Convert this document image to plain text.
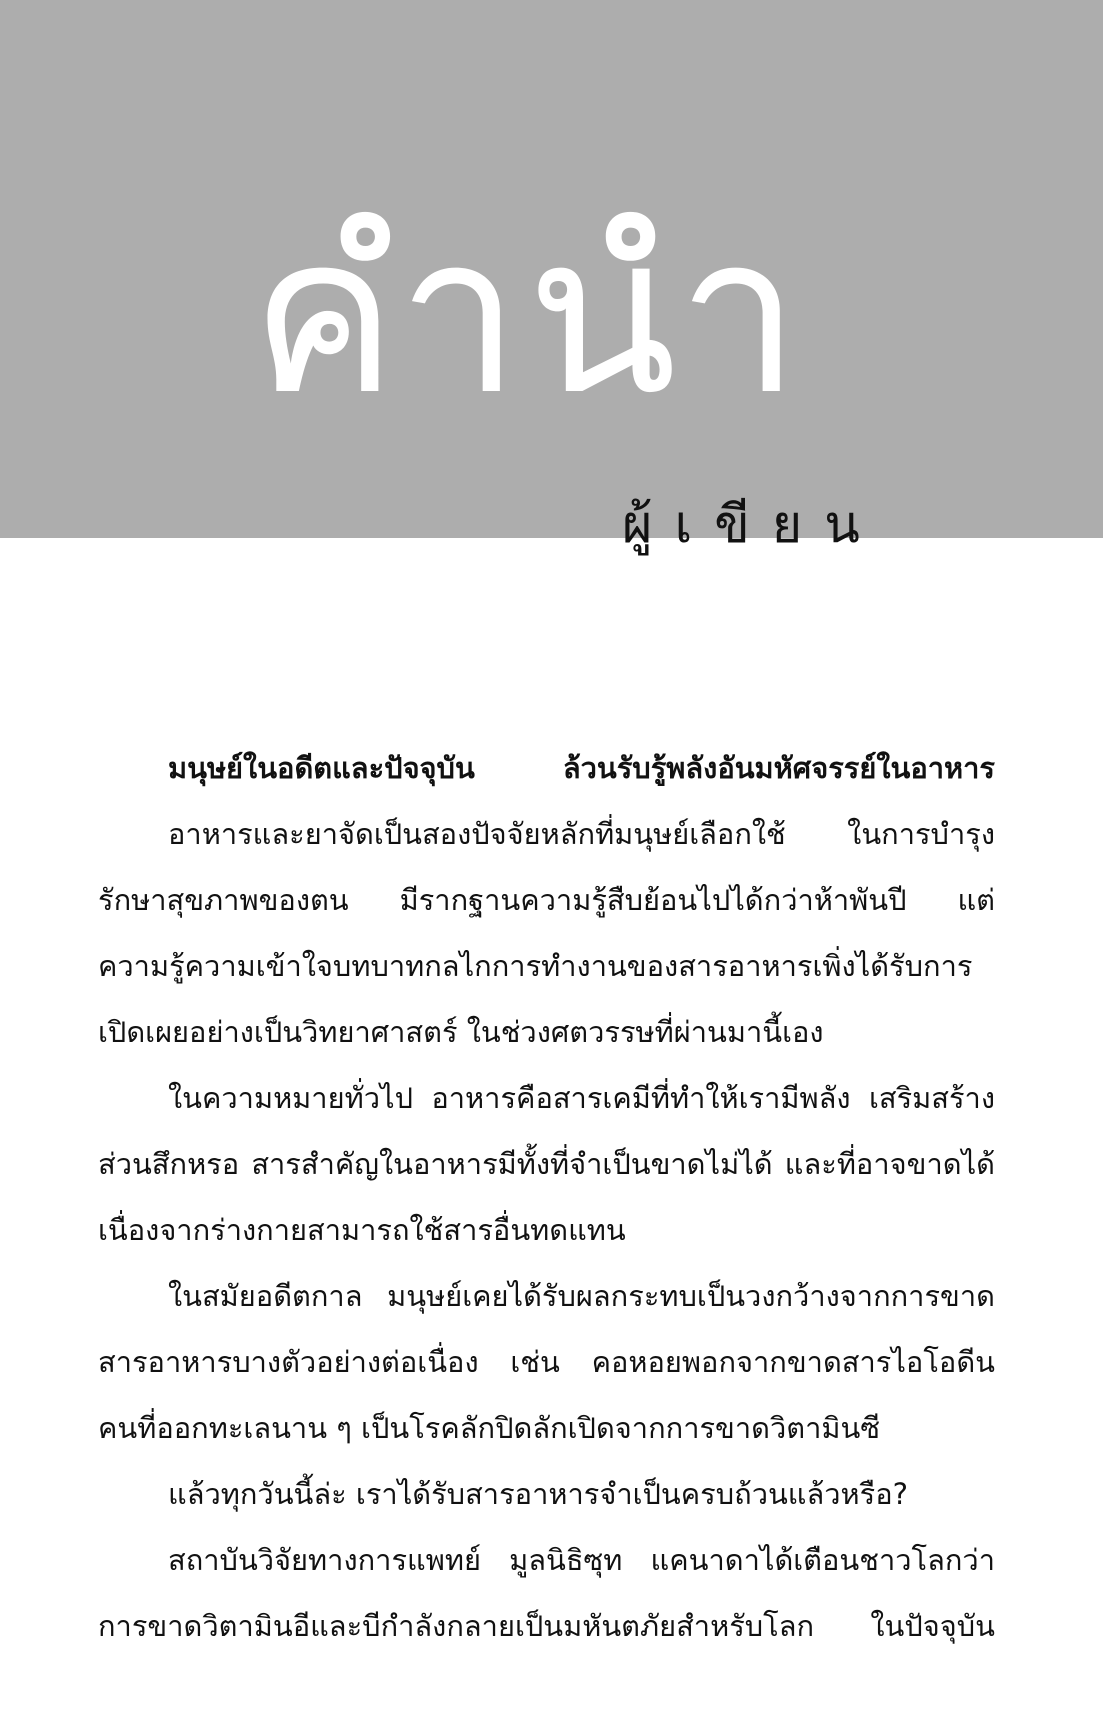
คำนำ
ผู้เขียน
มนุษย์ในอดีตและปัจจุบัน ล้วนรับรู้พลังอันมหัศจรรย์ในอาหาร
อาหารและยาจัดเป็นสองปัจจัยหลักที่มนุษย์เลือกใช้ ในการบำรุง
รักษาสุขภาพของตน มีรากฐานความรู้สืบย้อนไปได้กว่าห้าพันปี แต่
ความรู้ความเข้าใจบทบาทกลไกการทำงานของสารอาหารเพิ่งได้รับการ
เปิดเผยอย่างเป็นวิทยาศาสตร์ ในช่วงศตวรรษที่ผ่านมานี้เอง
ในความหมายทั่วไป อาหารคือสารเคมีที่ทำให้เรามีพลัง เสริมสร้าง
ส่วนสึกหรอ สารสำคัญในอาหารมีทั้งที่จำเป็นขาดไม่ได้ และที่อาจขาดได้
เนื่องจากร่างกายสามารถใช้สารอื่นทดแทน
ในสมัยอดีตกาล มนุษย์เคยได้รับผลกระทบเป็นวงกว้างจากการขาด
สารอาหารบางตัวอย่างต่อเนื่อง เช่น คอหอยพอกจากขาดสารไอโอดีน
คนที่ออกทะเลนาน ๆ เป็นโรคลักปิดลักเปิดจากการขาดวิตามินซี
แล้วทุกวันนี้ล่ะ เราได้รับสารอาหารจำเป็นครบถ้วนแล้วหรือ?
สถาบันวิจัยทางการแพทย์ มูลนิธิซุท แคนาดาได้เตือนชาวโลกว่า
การขาดวิตามินอีและบีกำลังกลายเป็นมหันตภัยสำหรับโลก ในปัจจุบัน
